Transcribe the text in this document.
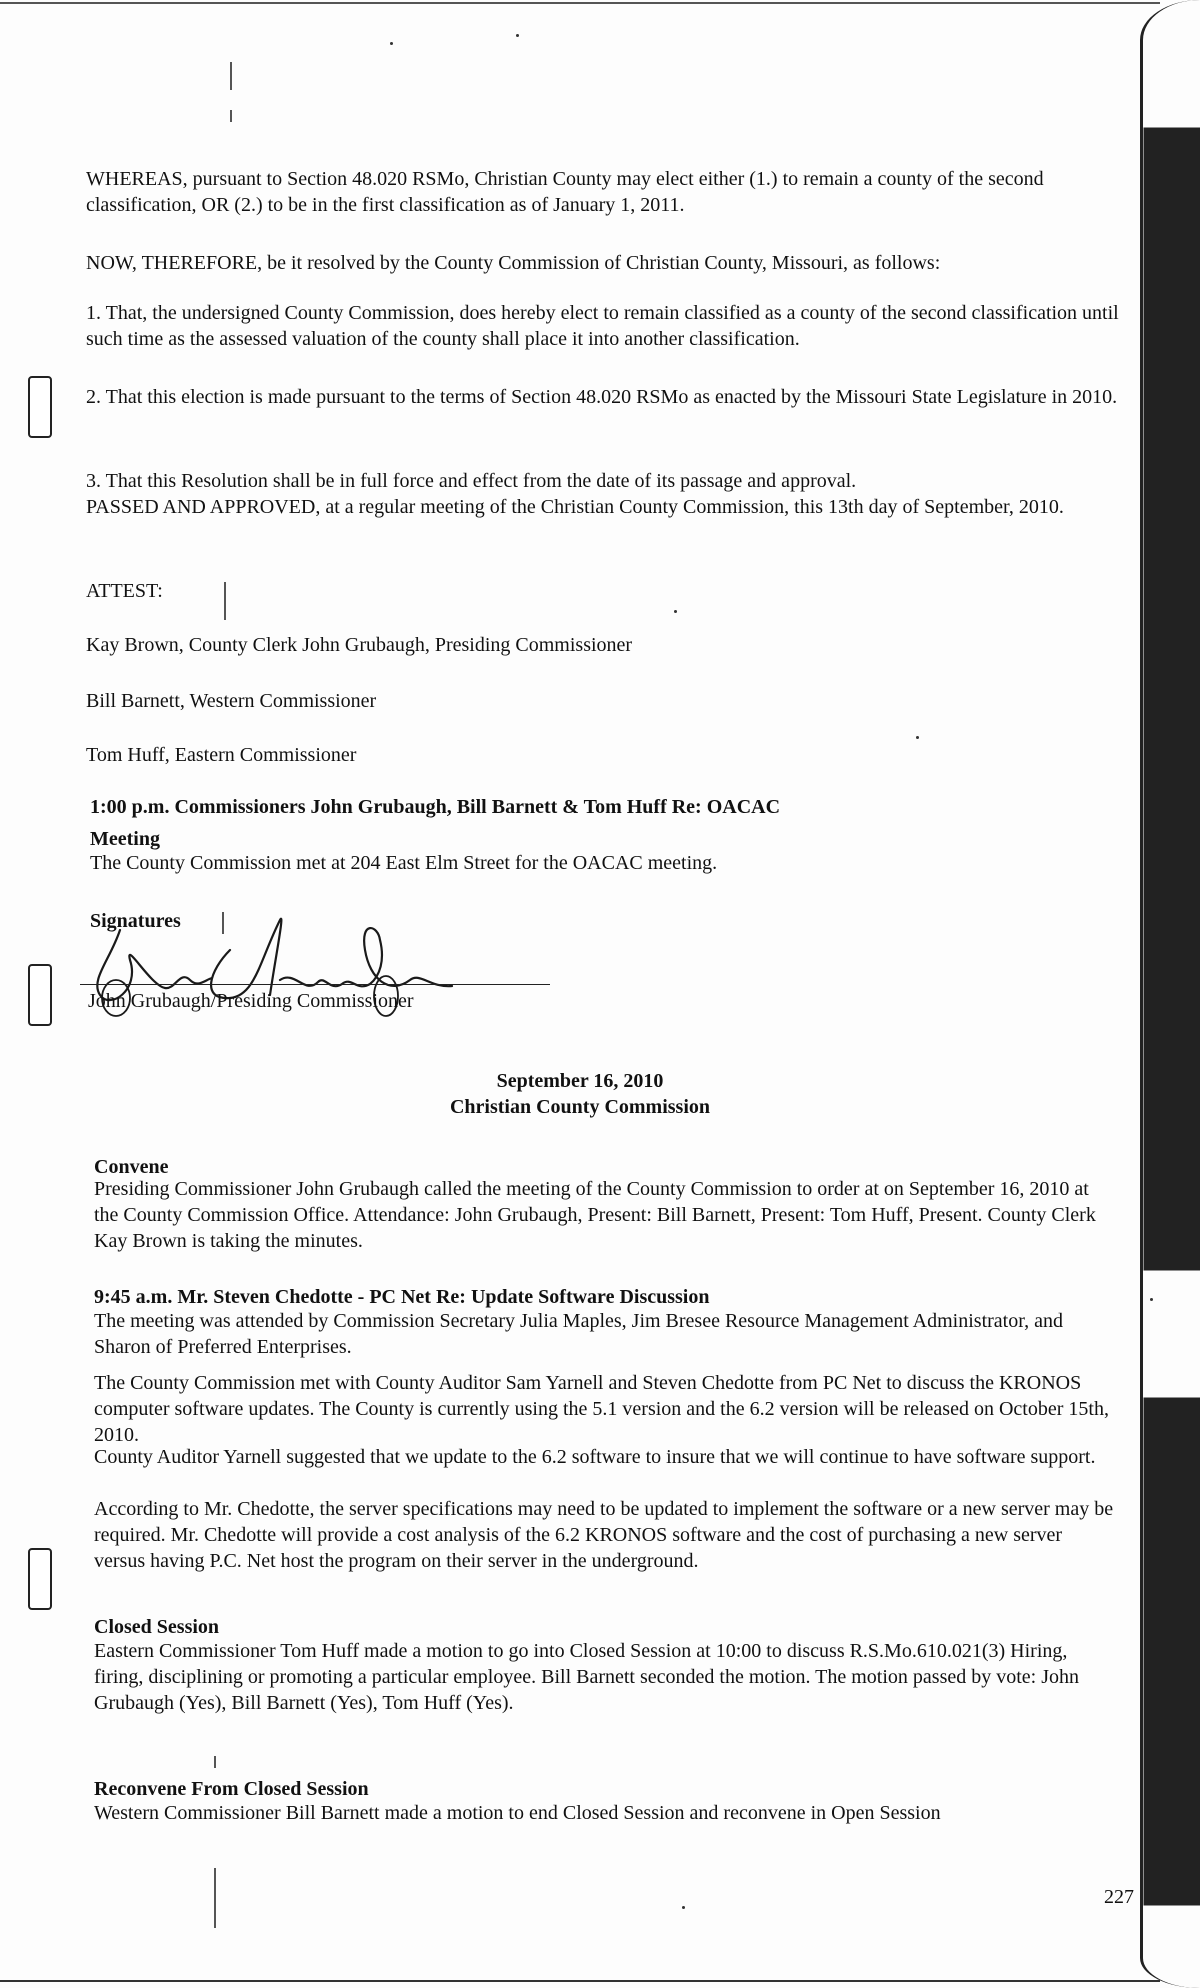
WHEREAS, pursuant to Section 48.020 RSMo, Christian County may elect either (1.) to remain a county of the second classification, OR (2.) to be in the first classification as of January 1, 2011.

NOW, THEREFORE, be it resolved by the County Commission of Christian County, Missouri, as follows:

1. That, the undersigned County Commission, does hereby elect to remain classified as a county of the second classification until such time as the assessed valuation of the county shall place it into another classification.

2. That this election is made pursuant to the terms of Section 48.020 RSMo as enacted by the Missouri State Legislature in 2010.

3. That this Resolution shall be in full force and effect from the date of its passage and approval.

PASSED AND APPROVED, at a regular meeting of the Christian County Commission, this 13th day of September, 2010.

ATTEST:

Kay Brown, County Clerk John Grubaugh, Presiding Commissioner

Bill Barnett, Western Commissioner

Tom Huff, Eastern Commissioner

1:00 p.m. Commissioners John Grubaugh, Bill Barnett & Tom Huff Re: OACAC

Meeting

The County Commission met at 204 East Elm Street for the OACAC meeting.

Signatures

John Grubaugh/Presiding Commissioner
September 16, 2010
Christian County Commission

Convene

Presiding Commissioner John Grubaugh called the meeting of the County Commission to order at on September 16, 2010 at the County Commission Office. Attendance: John Grubaugh, Present: Bill Barnett, Present: Tom Huff, Present. County Clerk Kay Brown is taking the minutes.

9:45 a.m. Mr. Steven Chedotte - PC Net Re: Update Software Discussion

The meeting was attended by Commission Secretary Julia Maples, Jim Bresee Resource Management Administrator, and Sharon of Preferred Enterprises.

The County Commission met with County Auditor Sam Yarnell and Steven Chedotte from PC Net to discuss the KRONOS computer software updates. The County is currently using the 5.1 version and the 6.2 version will be released on October 15th, 2010.

County Auditor Yarnell suggested that we update to the 6.2 software to insure that we will continue to have software support.

According to Mr. Chedotte, the server specifications may need to be updated to implement the software or a new server may be required. Mr. Chedotte will provide a cost analysis of the 6.2 KRONOS software and the cost of purchasing a new server versus having P.C. Net host the program on their server in the underground.

Closed Session

Eastern Commissioner Tom Huff made a motion to go into Closed Session at 10:00 to discuss R.S.Mo.610.021(3) Hiring, firing, disciplining or promoting a particular employee. Bill Barnett seconded the motion. The motion passed by vote: John Grubaugh (Yes), Bill Barnett (Yes), Tom Huff (Yes).

Reconvene From Closed Session

Western Commissioner Bill Barnett made a motion to end Closed Session and reconvene in Open Session

227
